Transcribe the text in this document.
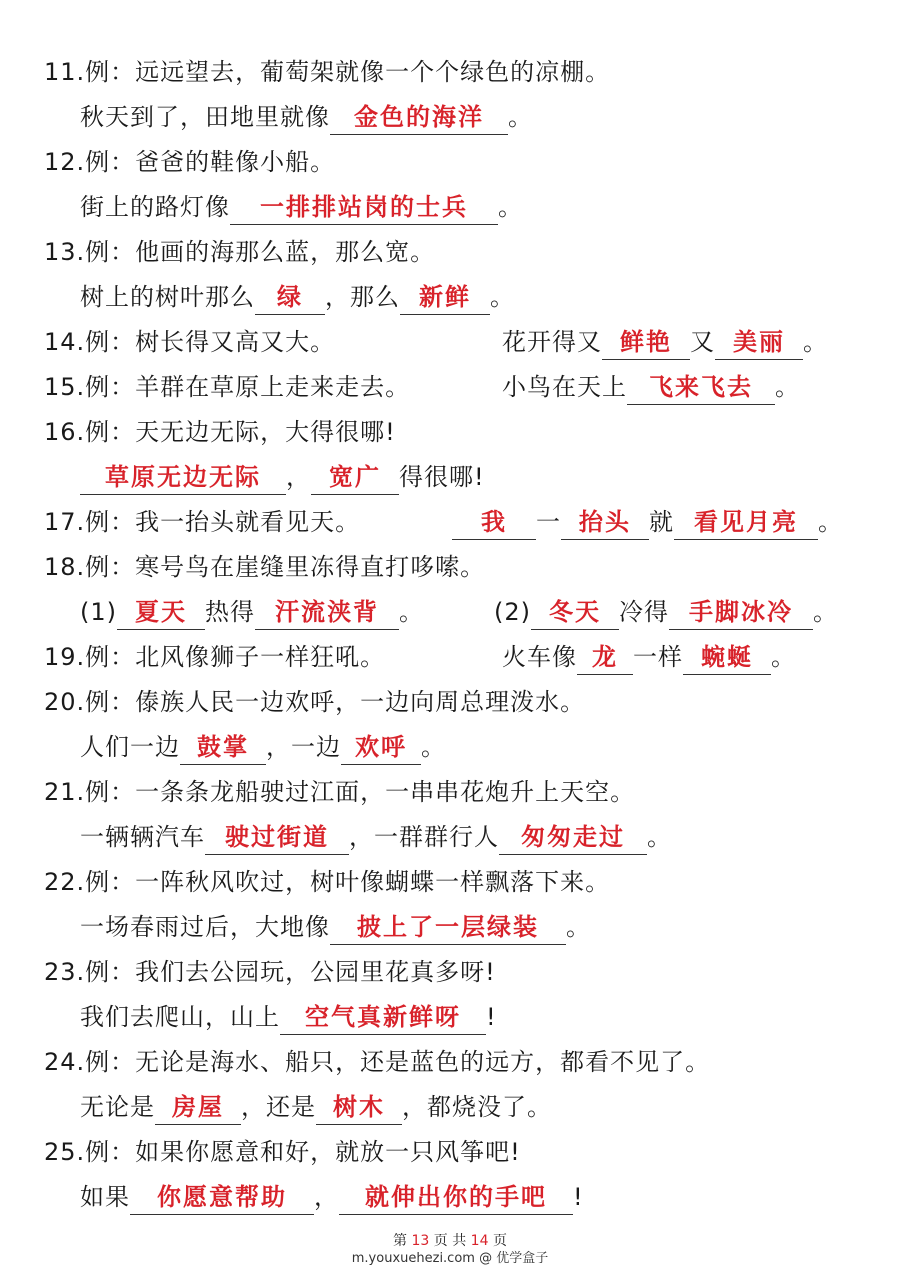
11.例：远远望去，葡萄架就像一个个绿色的凉棚。
秋天到了，田地里就像 金色的海洋 。
12.例：爸爸的鞋像小船。
街上的路灯像 一排排站岗的士兵 。
13.例：他画的海那么蓝，那么宽。
树上的树叶那么 绿 ，那么 新鲜 。
14.例：树长得又高又大。	花开得又 鲜艳 又 美丽 。
15.例：羊群在草原上走来走去。	小鸟在天上 飞来飞去 。
16.例：天无边无际，大得很哪!
草原无边无际 ， 宽广 得很哪!
17.例：我一抬头就看见天。	我 一 抬头 就 看见月亮 。
18.例：寒号鸟在崖缝里冻得直打哆嗦。
(1) 夏天 热得 汗流浃背 。	(2) 冬天 冷得 手脚冰冷 。
19.例：北风像狮子一样狂吼。	火车像 龙 一样 蜿蜒 。
20.例：傣族人民一边欢呼，一边向周总理泼水。
人们一边 鼓掌 ，一边 欢呼 。
21.例：一条条龙船驶过江面，一串串花炮升上天空。
一辆辆汽车 驶过街道 ，一群群行人 匆匆走过 。
22.例：一阵秋风吹过，树叶像蝴蝶一样飘落下来。
一场春雨过后，大地像 披上了一层绿装 。
23.例：我们去公园玩，公园里花真多呀!
我们去爬山，山上 空气真新鲜呀 !
24.例：无论是海水、船只，还是蓝色的远方，都看不见了。
无论是 房屋 ，还是 树木 ，都烧没了。
25.例：如果你愿意和好，就放一只风筝吧!
如果 你愿意帮助 ， 就伸出你的手吧 !
第 13 页 共 14 页
m.youxuehezi.com @ 优学盒子
